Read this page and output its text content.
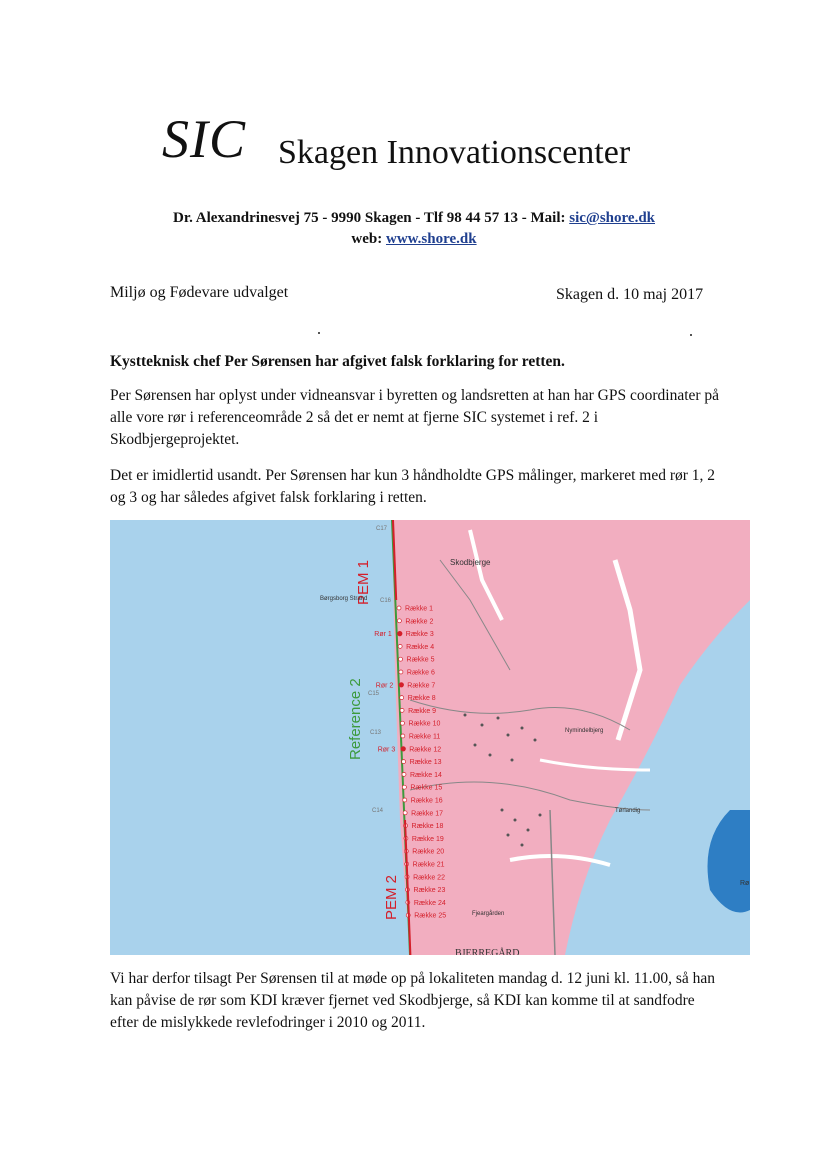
SIC Skagen Innovationscenter
Dr. Alexandrinesvej 75 - 9990 Skagen - Tlf 98 44 57 13 - Mail: sic@shore.dk
web: www.shore.dk
Miljø og Fødevare udvalget	Skagen d. 10 maj 2017
Kystteknisk chef Per Sørensen har afgivet falsk forklaring for retten.
Per Sørensen har oplyst under vidneansvar i byretten og landsretten at han har GPS coordinater på alle vore rør i referenceområde 2 så det er nemt at fjerne SIC systemet i ref. 2 i Skodbjergeprojektet.
Det er imidlertid usandt. Per Sørensen har kun 3 håndholdte GPS målinger, markeret med rør 1, 2 og 3 og har således afgivet falsk forklaring i retten.
Række 1
Række 2
Række 3
Række 4
Række 5
Række 6
Række 7
Række 8
Række 9
Række 10
Række 11
Række 12
Række 13
Række 14
Række 15
Række 16
Række 17
Række 18
Række 19
Række 20
Række 21
Række 22
Række 23
Række 24
Række 25
Rør 1
Rør 2
Rør 3
PEM 1
PEM 2
Reference 2
Skodbjerge
Børgsborg Strand
Nymindelbjerg
Tørlandig
BJERREGÅRD
Fjeargården
C17
C16
C15
C13
C14
Rø
Vi har derfor tilsagt Per Sørensen til at møde op på lokaliteten mandag d. 12 juni kl. 11.00, så han kan påvise de rør som KDI kræver fjernet ved Skodbjerge, så KDI kan komme til at sandfodre efter de mislykkede revlefodringer i 2010 og 2011.
